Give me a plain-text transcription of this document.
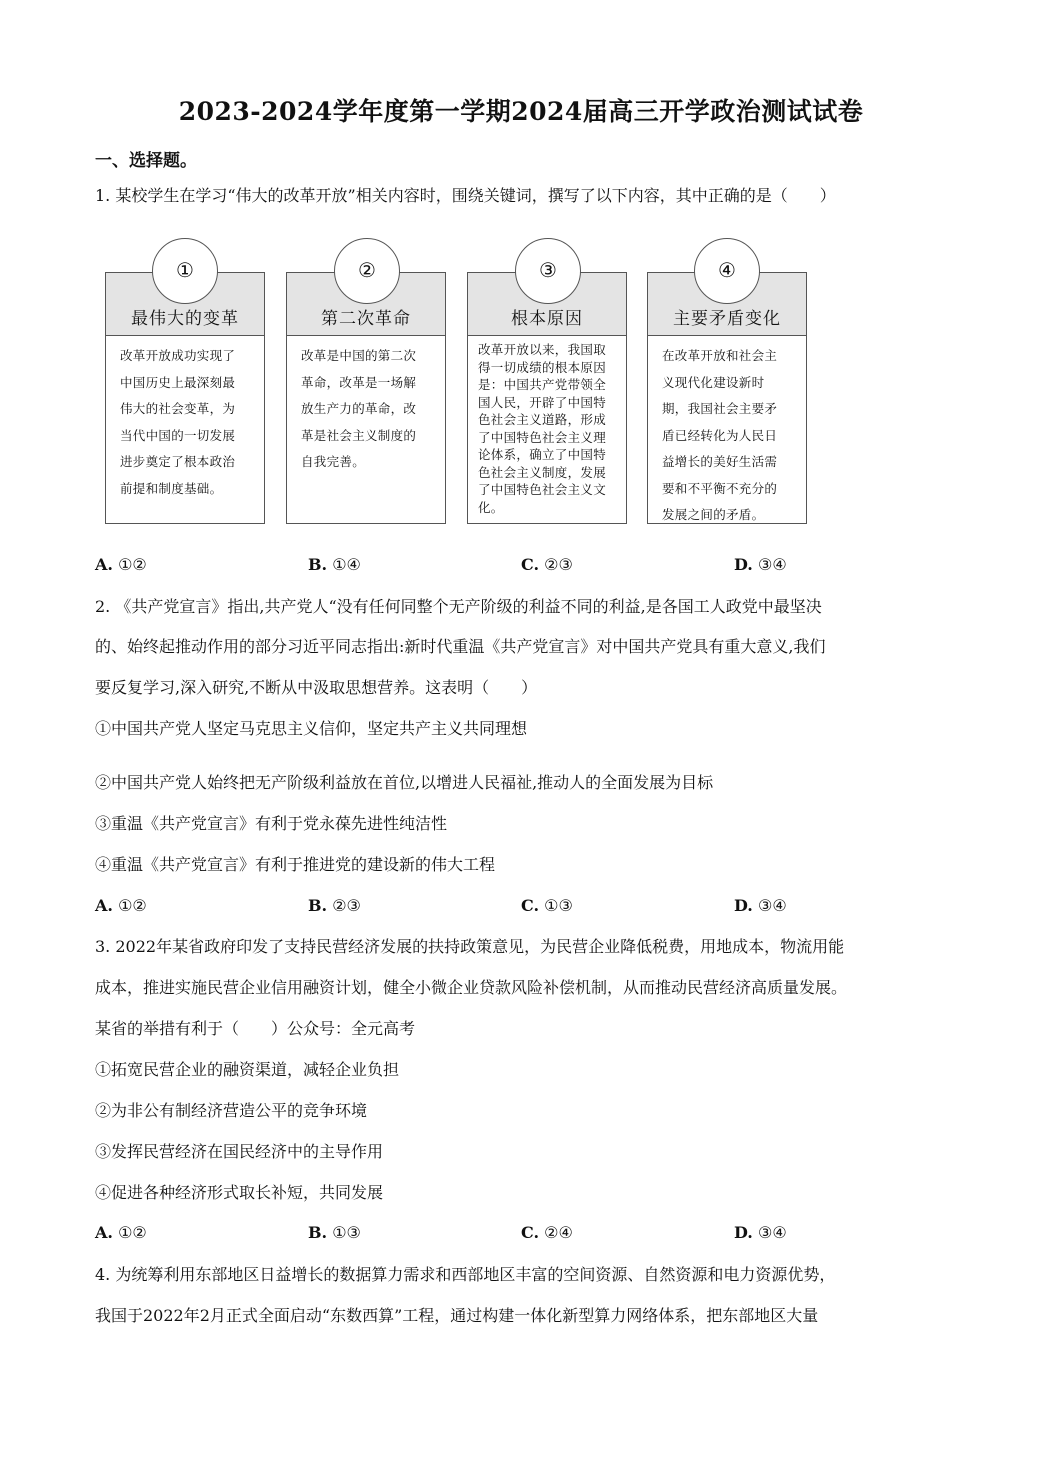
2023-2024学年度第一学期2024届高三开学政治测试试卷
一、选择题。
1. 某校学生在学习“伟大的改革开放”相关内容时，围绕关键词，撰写了以下内容，其中正确的是（　　）
最伟大的变革
改革开放成功实现了
中国历史上最深刻最
伟大的社会变革，为
当代中国的一切发展
进步奠定了根本政治
前提和制度基础。
①
第二次革命
改革是中国的第二次
革命，改革是一场解
放生产力的革命，改
革是社会主义制度的
自我完善。
②
根本原因
改革开放以来，我国取
得一切成绩的根本原因
是：中国共产党带领全
国人民，开辟了中国特
色社会主义道路，形成
了中国特色社会主义理
论体系，确立了中国特
色社会主义制度，发展
了中国特色社会主义文
化。
③
主要矛盾变化
在改革开放和社会主
义现代化建设新时
期，我国社会主要矛
盾已经转化为人民日
益增长的美好生活需
要和不平衡不充分的
发展之间的矛盾。
④
A. ①②	B. ①④	C. ②③	D. ③④
2. 《共产党宣言》指出,共产党人“没有任何同整个无产阶级的利益不同的利益,是各国工人政党中最坚决
的、始终起推动作用的部分习近平同志指出:新时代重温《共产党宣言》对中国共产党具有重大意义,我们
要反复学习,深入研究,不断从中汲取思想营养。这表明（　　）
①中国共产党人坚定马克思主义信仰，坚定共产主义共同理想
②中国共产党人始终把无产阶级利益放在首位,以增进人民福祉,推动人的全面发展为目标
③重温《共产党宣言》有利于党永葆先进性纯洁性
④重温《共产党宣言》有利于推进党的建设新的伟大工程
A. ①②	B. ②③	C. ①③	D. ③④
3. 2022年某省政府印发了支持民营经济发展的扶持政策意见，为民营企业降低税费，用地成本，物流用能
成本，推进实施民营企业信用融资计划，健全小微企业贷款风险补偿机制，从而推动民营经济高质量发展。
某省的举措有利于（　　）公众号：全元高考
①拓宽民营企业的融资渠道，减轻企业负担
②为非公有制经济营造公平的竞争环境
③发挥民营经济在国民经济中的主导作用
④促进各种经济形式取长补短，共同发展
A. ①②	B. ①③	C. ②④	D. ③④
4. 为统筹利用东部地区日益增长的数据算力需求和西部地区丰富的空间资源、自然资源和电力资源优势，
我国于2022年2月正式全面启动“东数西算”工程，通过构建一体化新型算力网络体系，把东部地区大量
